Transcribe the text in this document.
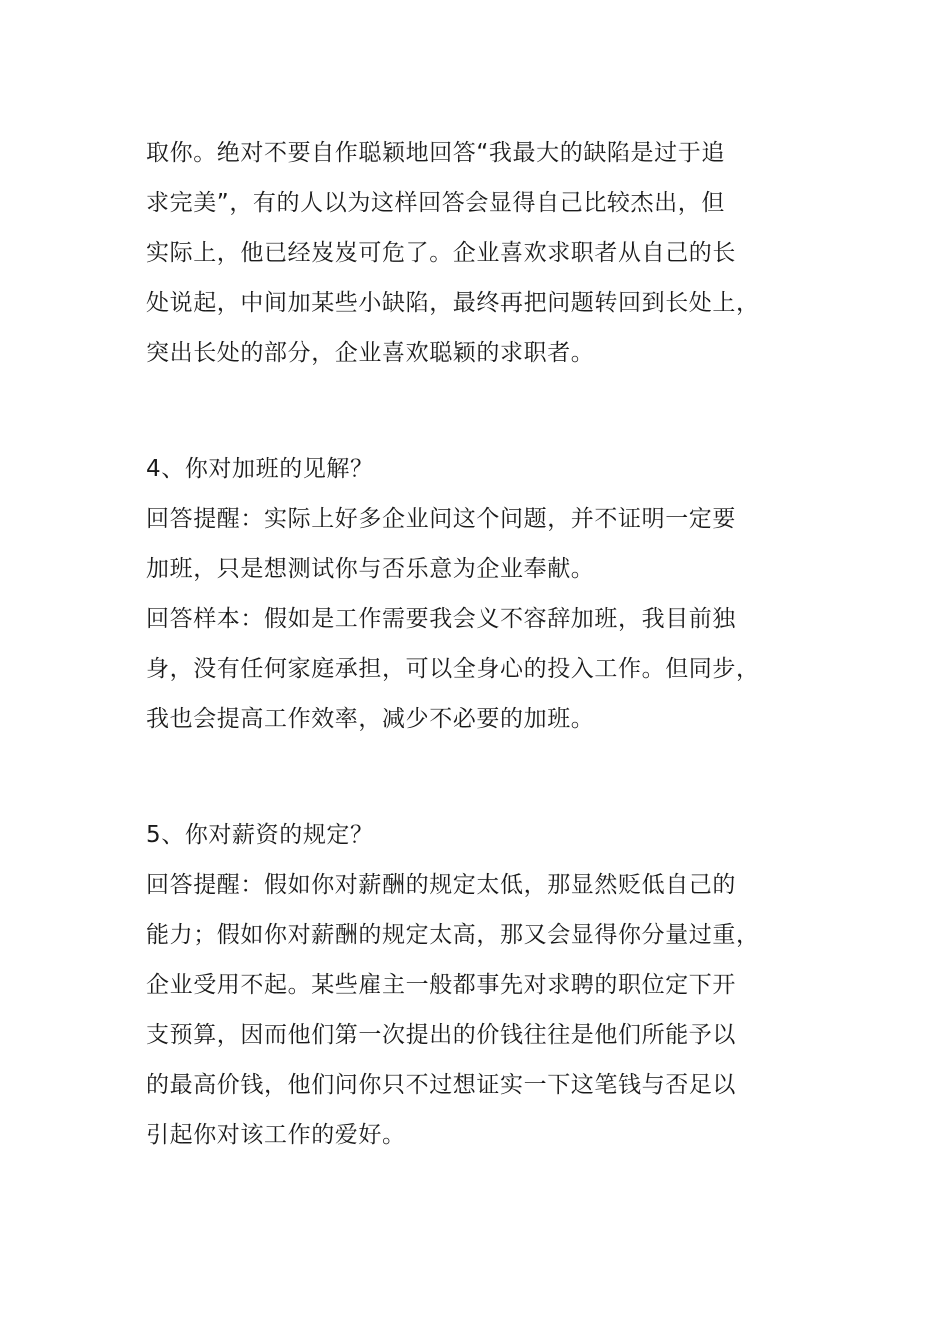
取你。绝对不要自作聪颖地回答“我最大的缺陷是过于追
求完美”，有的人以为这样回答会显得自己比较杰出，但
实际上，他已经岌岌可危了。企业喜欢求职者从自己的长
处说起，中间加某些小缺陷，最终再把问题转回到长处上，
突出长处的部分，企业喜欢聪颖的求职者。
4、你对加班的见解？
回答提醒：实际上好多企业问这个问题，并不证明一定要
加班，只是想测试你与否乐意为企业奉献。
回答样本：假如是工作需要我会义不容辞加班，我目前独
身，没有任何家庭承担，可以全身心的投入工作。但同步，
我也会提高工作效率，减少不必要的加班。
5、你对薪资的规定？
回答提醒：假如你对薪酬的规定太低，那显然贬低自己的
能力；假如你对薪酬的规定太高，那又会显得你分量过重，
企业受用不起。某些雇主一般都事先对求聘的职位定下开
支预算，因而他们第一次提出的价钱往往是他们所能予以
的最高价钱，他们问你只不过想证实一下这笔钱与否足以
引起你对该工作的爱好。
